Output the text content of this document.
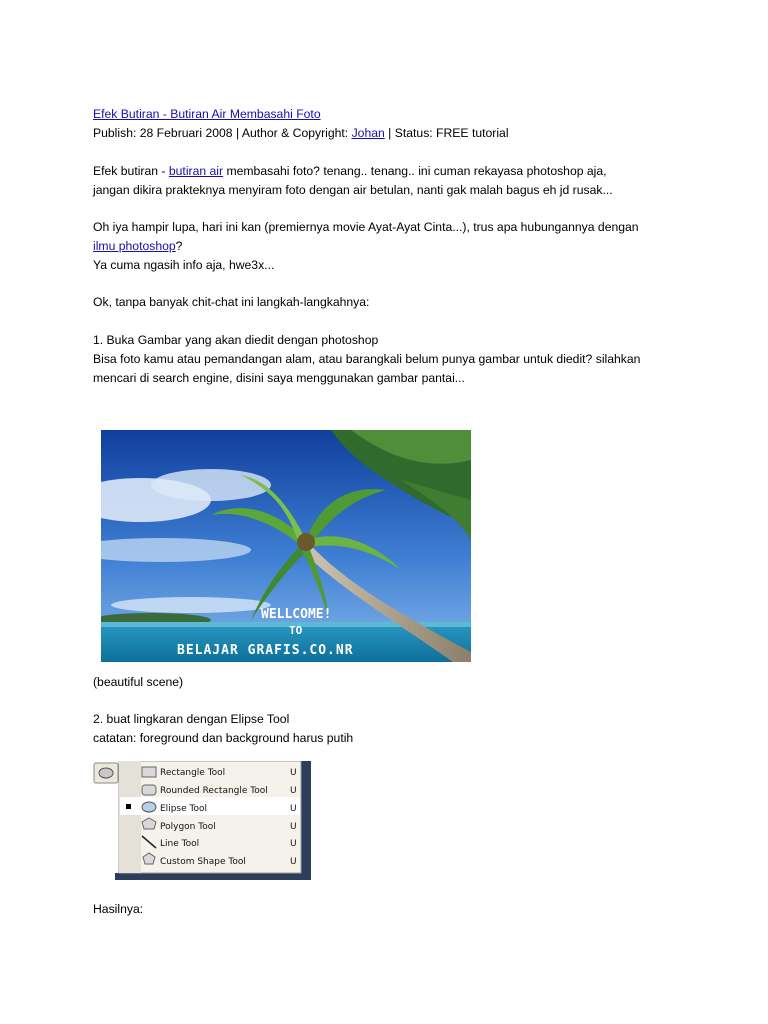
Efek Butiran - Butiran Air Membasahi Foto
Publish: 28 Februari 2008 | Author & Copyright: Johan | Status: FREE tutorial
Efek butiran - butiran air membasahi foto? tenang.. tenang.. ini cuman rekayasa photoshop aja,
jangan dikira prakteknya menyiram foto dengan air betulan, nanti gak malah bagus eh jd rusak...
Oh iya hampir lupa, hari ini kan (premiernya movie Ayat-Ayat Cinta...), trus apa hubungannya dengan
ilmu photoshop?
Ya cuma ngasih info aja, hwe3x...
Ok, tanpa banyak chit-chat ini langkah-langkahnya:
1. Buka Gambar yang akan diedit dengan photoshop
Bisa foto kamu atau pemandangan alam, atau barangkali belum punya gambar untuk diedit? silahkan
mencari di search engine, disini saya menggunakan gambar pantai...
WELLCOME!
TO
BELAJAR GRAFIS.CO.NR
(beautiful scene)
2. buat lingkaran dengan Elipse Tool
catatan: foreground dan background harus putih
Rectangle Tool	U
Rounded Rectangle Tool U
Elipse Tool	U
Polygon Tool	U
Line Tool	U
Custom Shape Tool	U
Hasilnya:
